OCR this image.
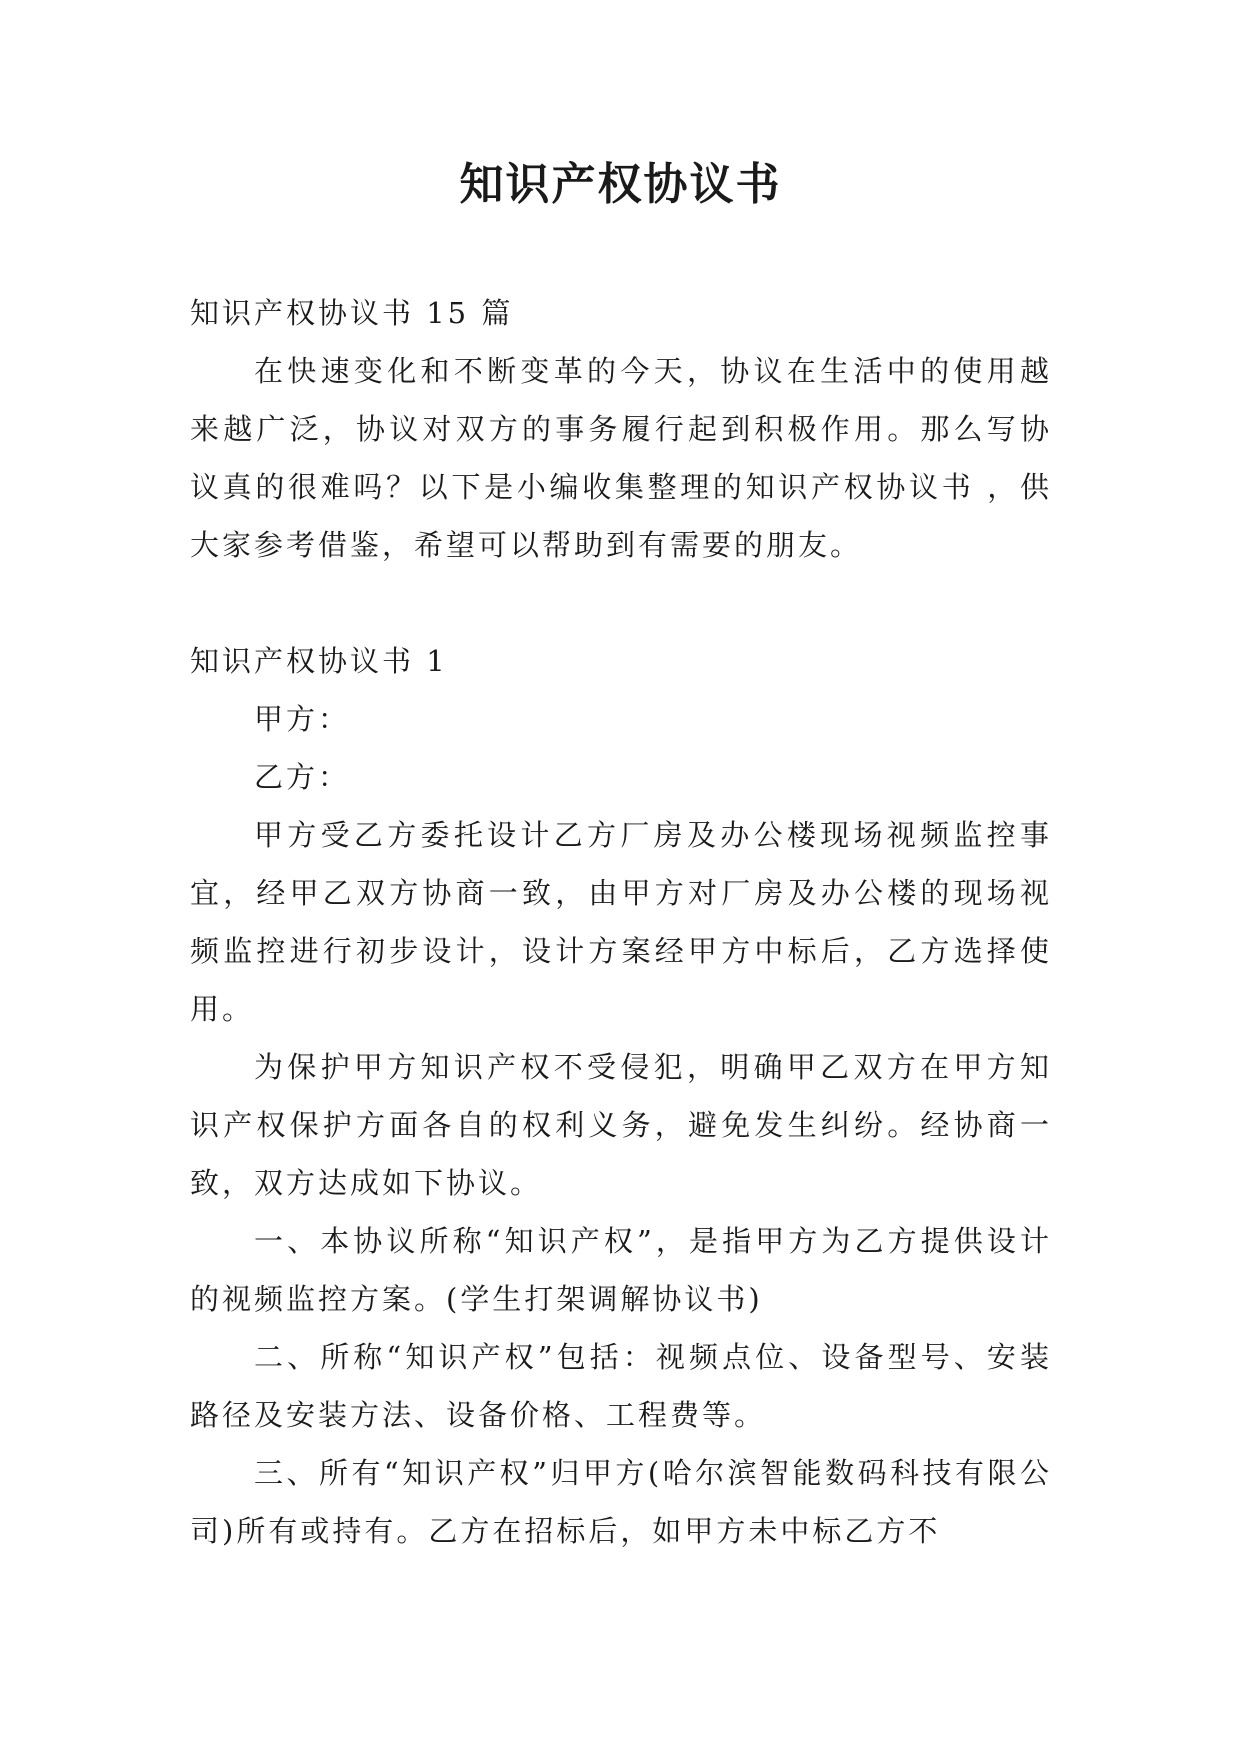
知识产权协议书

知识产权协议书 15 篇

在快速变化和不断变革的今天，协议在生活中的使用越来越广泛，协议对双方的事务履行起到积极作用。那么写协议真的很难吗？以下是小编收集整理的知识产权协议书 ，供大家参考借鉴，希望可以帮助到有需要的朋友。

知识产权协议书 1

甲方：

乙方：

甲方受乙方委托设计乙方厂房及办公楼现场视频监控事宜，经甲乙双方协商一致，由甲方对厂房及办公楼的现场视频监控进行初步设计，设计方案经甲方中标后，乙方选择使用。

为保护甲方知识产权不受侵犯，明确甲乙双方在甲方知识产权保护方面各自的权利义务，避免发生纠纷。经协商一致，双方达成如下协议。

一、本协议所称“知识产权”，是指甲方为乙方提供设计的视频监控方案。(学生打架调解协议书)

二、所称“知识产权”包括：视频点位、设备型号、安装路径及安装方法、设备价格、工程费等。

三、所有“知识产权”归甲方(哈尔滨智能数码科技有限公司)所有或持有。乙方在招标后，如甲方未中标乙方不
